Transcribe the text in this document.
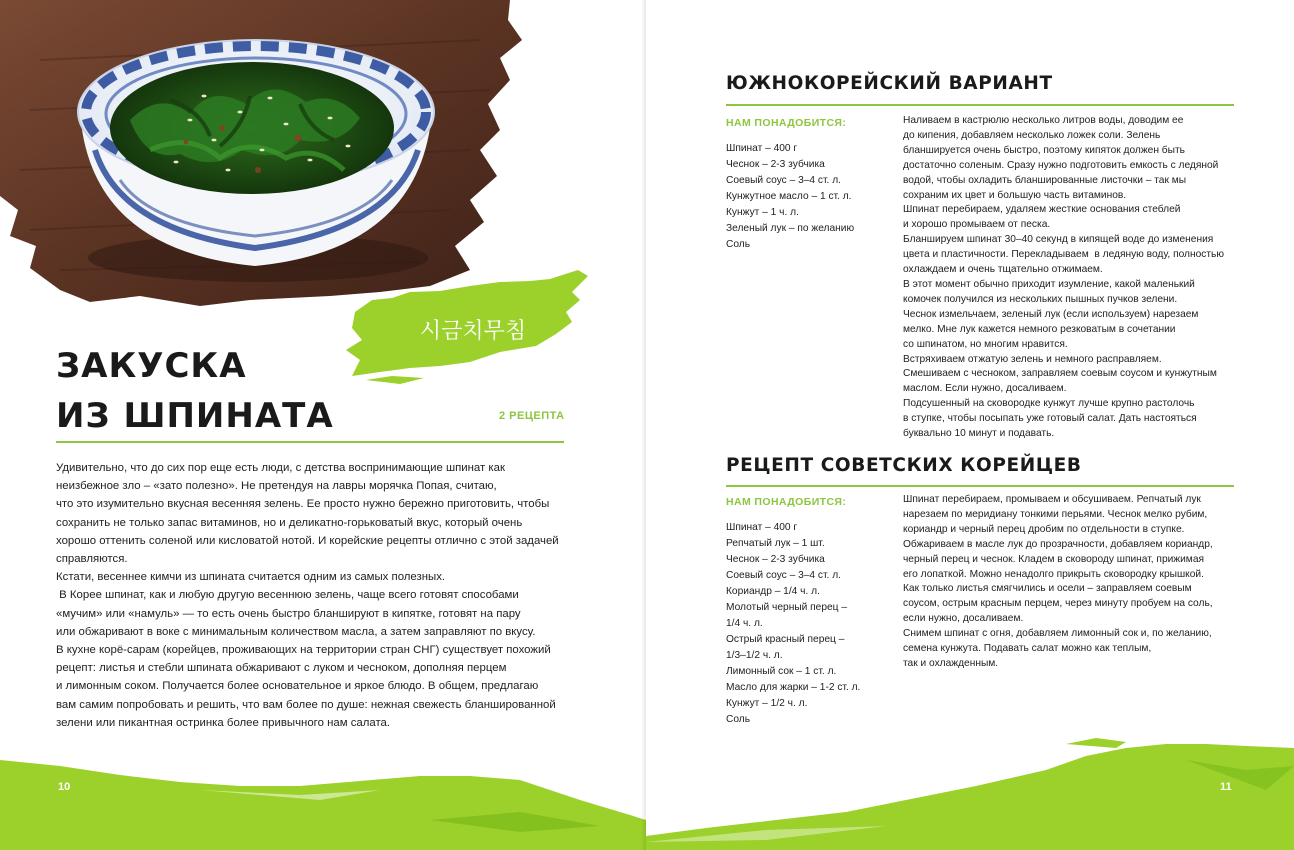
시금치무침
ЗАКУСКА
ИЗ ШПИНАТА	2 РЕЦЕПТА

Удивительно, что до сих пор еще есть люди, с детства воспринимающие шпинат как

неизбежное зло – «зато полезно». Не претендуя на лавры морячка Попая, считаю,

что это изумительно вкусная весенняя зелень. Ее просто нужно бережно приготовить, чтобы

сохранить не только запас витаминов, но и деликатно-горьковатый вкус, который очень

хорошо оттенить соленой или кисловатой нотой. И корейские рецепты отлично с этой задачей

справляются.

Кстати, весеннее кимчи из шпината считается одним из самых полезных.

В Корее шпинат, как и любую другую весеннюю зелень, чаще всего готовят способами

«мучим» или «намуль» — то есть очень быстро бланшируют в кипятке, готовят на пару

или обжаривают в воке с минимальным количеством масла, а затем заправляют по вкусу.

В кухне корё-сарам (корейцев, проживающих на территории стран СНГ) существует похожий

рецепт: листья и стебли шпината обжаривают с луком и чесноком, дополняя перцем

и лимонным соком. Получается более основательное и яркое блюдо. В общем, предлагаю

вам самим попробовать и решить, что вам более по душе: нежная свежесть бланшированной

зелени или пикантная остринка более привычного нам салата.

10
ЮЖНОКОРЕЙСКИЙ ВАРИАНТ
НАМ ПОНАДОБИТСЯ:
Шпинат – 400 г
Чеснок – 2-3 зубчика
Соевый соус – 3–4 ст. л.
Кунжутное масло – 1 ст. л.
Кунжут – 1 ч. л.
Зеленый лук – по желанию
Соль
Наливаем в кастрюлю несколько литров воды, доводим ее
до кипения, добавляем несколько ложек соли. Зелень
бланшируется очень быстро, поэтому кипяток должен быть
достаточно соленым. Сразу нужно подготовить емкость с ледяной
водой, чтобы охладить бланшированные листочки – так мы
сохраним их цвет и большую часть витаминов.
Шпинат перебираем, удаляем жесткие основания стеблей
и хорошо промываем от песка.
Бланшируем шпинат 30–40 секунд в кипящей воде до изменения
цвета и пластичности. Перекладываем  в ледяную воду, полностью
охлаждаем и очень тщательно отжимаем.
В этот момент обычно приходит изумление, какой маленький
комочек получился из нескольких пышных пучков зелени.
Чеснок измельчаем, зеленый лук (если используем) нарезаем
мелко. Мне лук кажется немного резковатым в сочетании
со шпинатом, но многим нравится.
Встряхиваем отжатую зелень и немного расправляем.
Смешиваем с чесноком, заправляем соевым соусом и кунжутным
маслом. Если нужно, досаливаем.
Подсушенный на сковородке кунжут лучше крупно растолочь
в ступке, чтобы посыпать уже готовый салат. Дать настояться
буквально 10 минут и подавать.
РЕЦЕПТ СОВЕТСКИХ КОРЕЙЦЕВ
НАМ ПОНАДОБИТСЯ:
Шпинат – 400 г
Репчатый лук – 1 шт.
Чеснок – 2-3 зубчика
Соевый соус – 3–4 ст. л.
Кориандр – 1/4 ч. л.
Молотый черный перец –
1/4 ч. л.
Острый красный перец –
1/3–1/2 ч. л.
Лимонный сок – 1 ст. л.
Масло для жарки – 1-2 ст. л.
Кунжут – 1/2 ч. л.
Соль
Шпинат перебираем, промываем и обсушиваем. Репчатый лук
нарезаем по меридиану тонкими перьями. Чеснок мелко рубим,
кориандр и черный перец дробим по отдельности в ступке.
Обжариваем в масле лук до прозрачности, добавляем кориандр,
черный перец и чеснок. Кладем в сковороду шпинат, прижимая
его лопаткой. Можно ненадолго прикрыть сковородку крышкой.
Как только листья смягчились и осели – заправляем соевым
соусом, острым красным перцем, через минуту пробуем на соль,
если нужно, досаливаем.
Снимем шпинат с огня, добавляем лимонный сок и, по желанию,
семена кунжута. Подавать салат можно как теплым,
так и охлажденным.
11
